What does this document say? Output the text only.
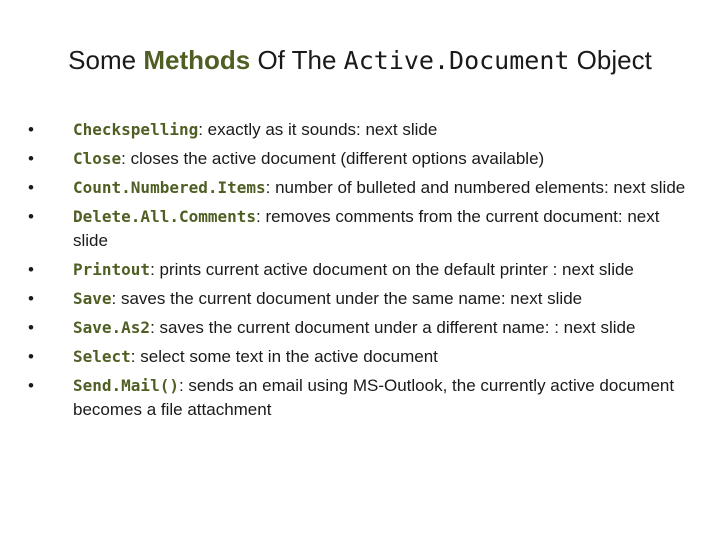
Some Methods Of The Active.Document Object
•	Checkspelling: exactly as it sounds: next slide
•	Close: closes the active document (different options available)
•	Count.Numbered.Items: number of bulleted and numbered elements: next slide
•	Delete.All.Comments: removes comments from the current document: next slide
•	Printout: prints current active document on the default printer : next slide
•	Save: saves the current document under the same name: next slide
•	Save.As2: saves the current document under a different name: : next slide
•	Select: select some text in the active document
•	Send.Mail(): sends an email using MS-Outlook, the currently active document becomes a file attachment
